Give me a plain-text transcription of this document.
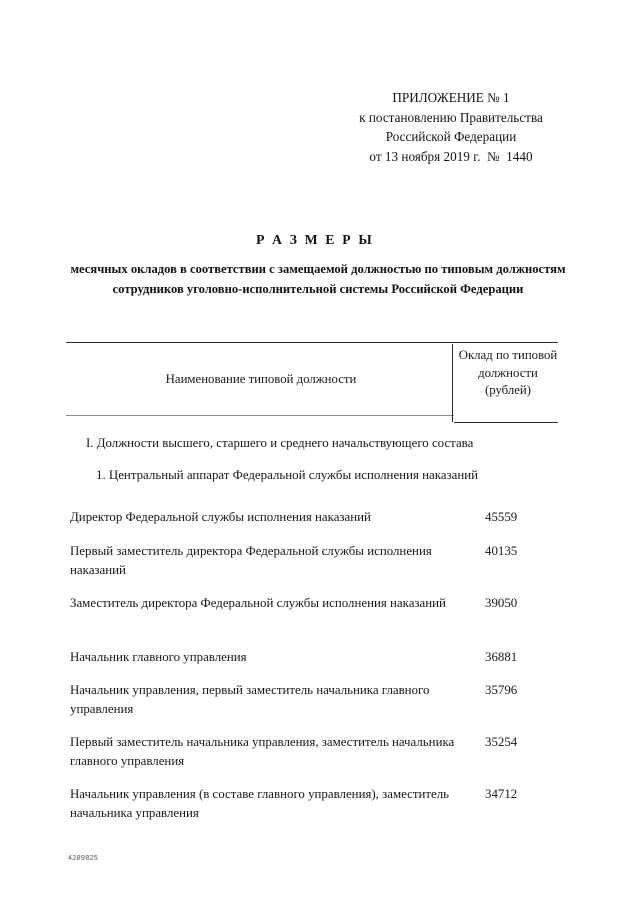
ПРИЛОЖЕНИЕ № 1
к постановлению Правительства
Российской Федерации
от 13 ноября 2019 г.  №  1440
Р А З М Е Р Ы
месячных окладов в соответствии с замещаемой должностью по типовым должностям сотрудников уголовно-исполнительной системы Российской Федерации
Наименование типовой должности
Оклад по типовой должности (рублей)
I. Должности высшего, старшего и среднего начальствующего состава
1. Центральный аппарат Федеральной службы исполнения наказаний
Директор Федеральной службы исполнения наказаний	45559
Первый заместитель директора Федеральной службы исполнения наказаний
40135
Заместитель директора Федеральной службы исполнения наказаний	39050
Начальник главного управления	36881
Начальник управления, первый заместитель начальника главного управления
35796
Первый заместитель начальника управления, заместитель начальника главного управления
35254
Начальник управления (в составе главного управления), заместитель начальника управления
34712
4289825
